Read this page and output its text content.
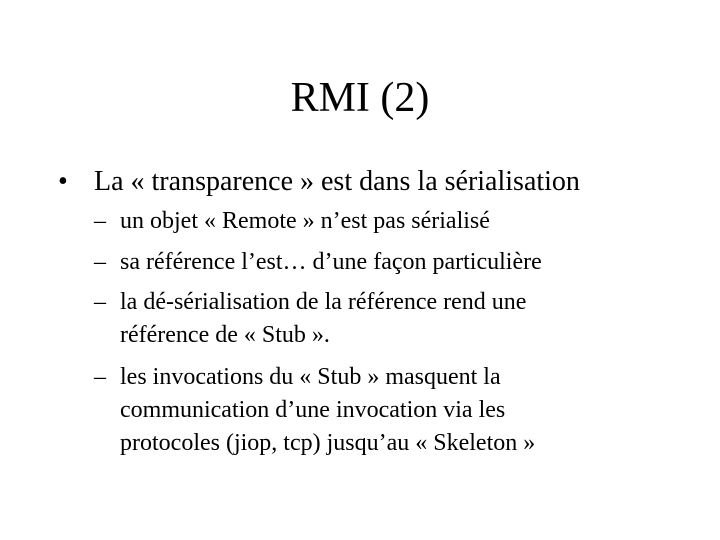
RMI (2)
• La « transparence » est dans la sérialisation
– un objet « Remote » n’est pas sérialisé
– sa référence l’est… d’une façon particulière
– la dé-sérialisation de la référence rend une
référence de « Stub ».
– les invocations du « Stub » masquent la
communication d’une invocation via les
protocoles (jiop, tcp) jusqu’au « Skeleton »
